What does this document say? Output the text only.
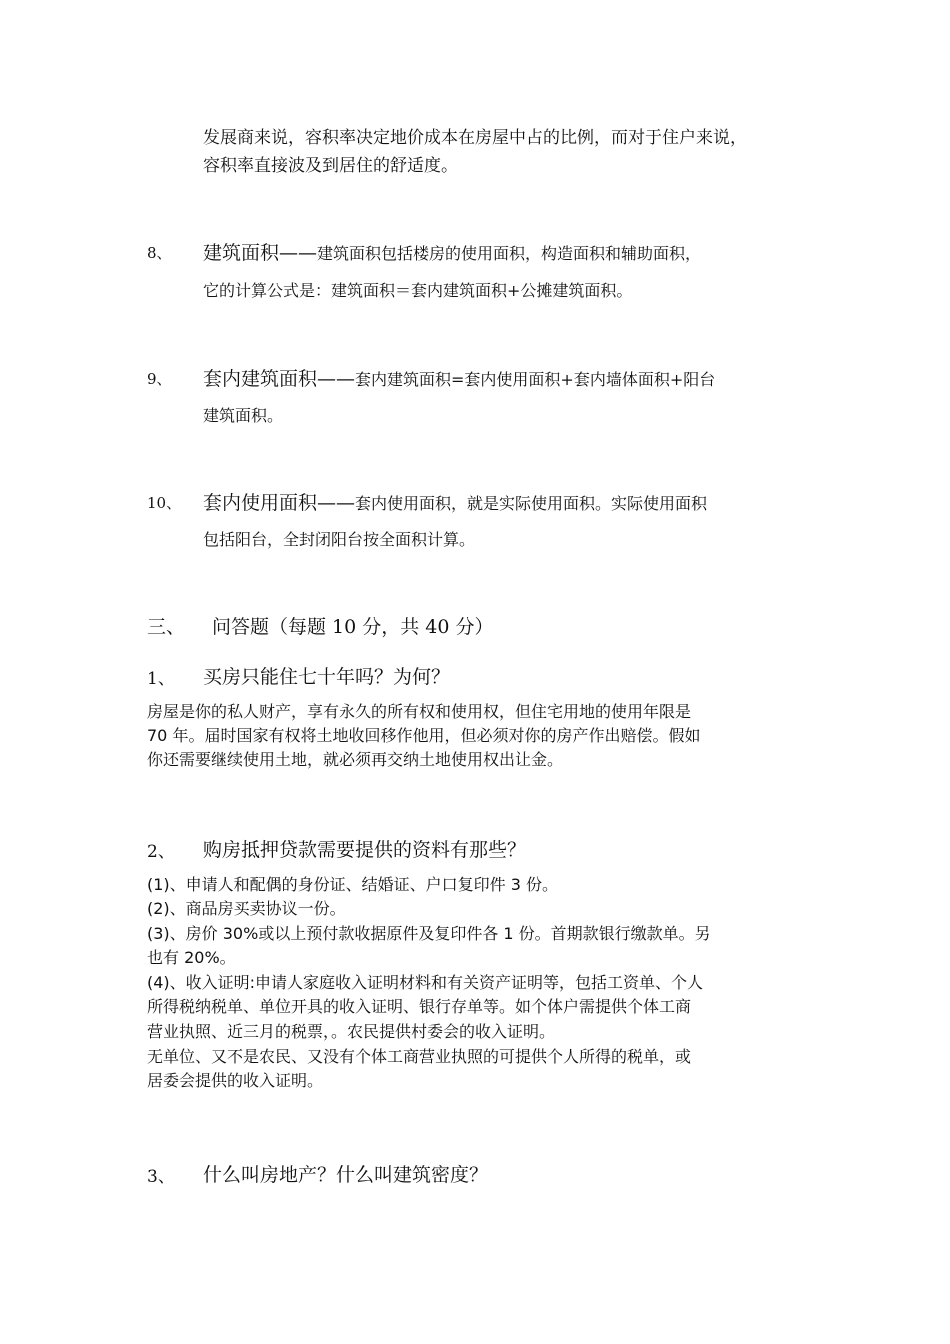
发展商来说，容积率决定地价成本在房屋中占的比例，而对于住户来说，
容积率直接波及到居住的舒适度。
8、 建筑面积——建筑面积包括楼房的使用面积，构造面积和辅助面积，
它的计算公式是：建筑面积＝套内建筑面积+公摊建筑面积。
9、 套内建筑面积——套内建筑面积=套内使用面积+套内墙体面积+阳台
建筑面积。
10、 套内使用面积——套内使用面积，就是实际使用面积。实际使用面积
包括阳台，全封闭阳台按全面积计算。
三、 问答题（每题 10 分，共 40 分）
1、 买房只能住七十年吗？为何？
房屋是你的私人财产，享有永久的所有权和使用权，但住宅用地的使用年限是
70 年。届时国家有权将土地收回移作他用，但必须对你的房产作出赔偿。假如
你还需要继续使用土地，就必须再交纳土地使用权出让金。
2、 购房抵押贷款需要提供的资料有那些？
(1)、申请人和配偶的身份证、结婚证、户口复印件 3 份。
(2)、商品房买卖协议一份。
(3)、房价 30%或以上预付款收据原件及复印件各 1 份。首期款银行缴款单。另
也有 20%。
(4)、收入证明:申请人家庭收入证明材料和有关资产证明等，包括工资单、个人
所得税纳税单、单位开具的收入证明、银行存单等。如个体户需提供个体工商
营业执照、近三月的税票，。农民提供村委会的收入证明。
无单位、又不是农民、又没有个体工商营业执照的可提供个人所得的税单，或
居委会提供的收入证明。
3、 什么叫房地产？什么叫建筑密度？
